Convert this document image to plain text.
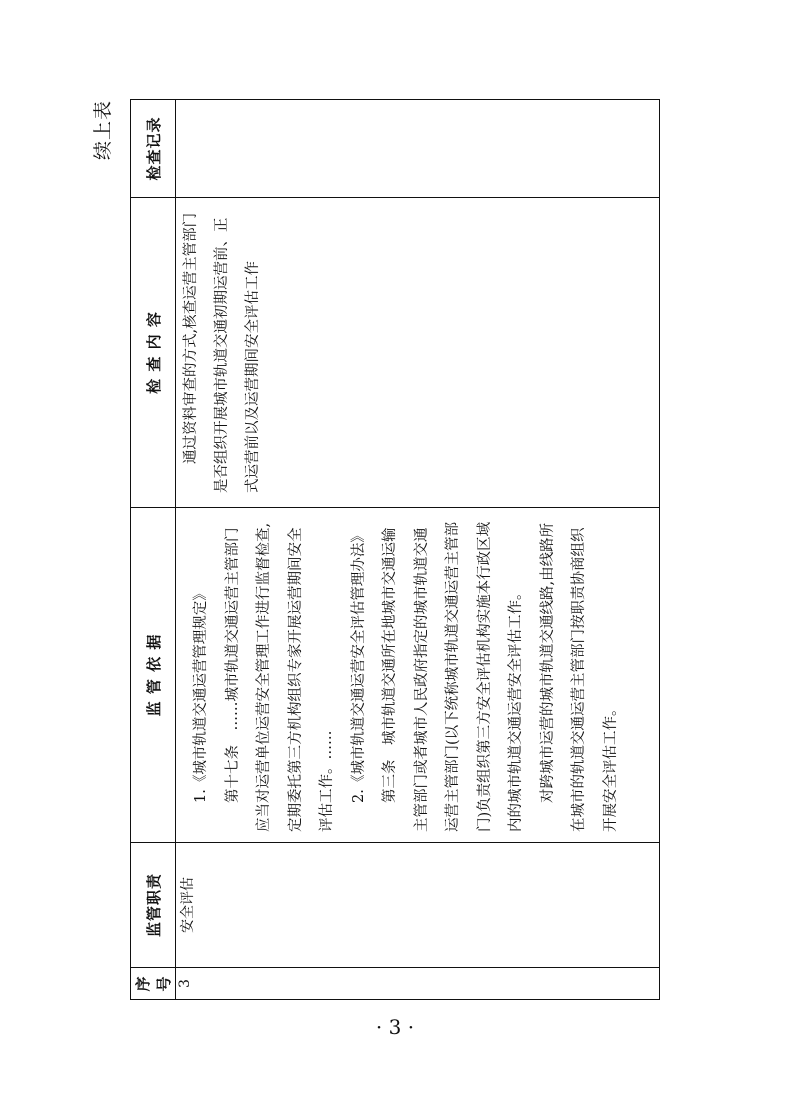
续上表
序号	监管职责	监 管 依 据	检 查 内 容	检查记录
3	安全评估	1.《城市轨道交通运营管理规定》 第十七条　……城市轨道交通运营主管部门应当对运营单位运营安全管理工作进行监督检查,定期委托第三方机构组织专家开展运营期间安全评估工作。…… 2.《城市轨道交通运营安全评估管理办法》 第三条　城市轨道交通所在地城市交通运输主管部门或者城市人民政府指定的城市轨道交通运营主管部门(以下统称城市轨道交通运营主管部门)负责组织第三方安全评估机构实施本行政区域内的城市轨道交通运营安全评估工作。 对跨城市运营的城市轨道交通线路,由线路所在城市的轨道交通运营主管部门按职责协商组织开展安全评估工作。	通过资料审查的方式,核查运营主管部门是否组织开展城市轨道交通初期运营前、正式运营前以及运营期间安全评估工作	

· 3 ·
